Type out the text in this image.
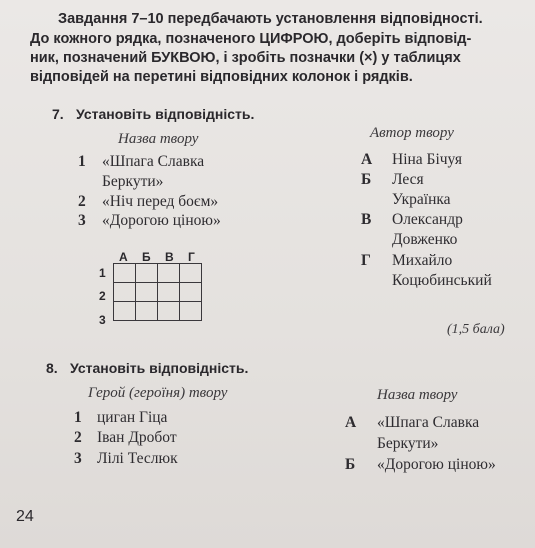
Завдання 7–10 передбачають установлення відповідності.
До кожного рядка, позначеного ЦИФРОЮ, доберіть відповід-
ник, позначений БУКВОЮ, і зробіть позначки (×) у таблицях
відповідей на перетині відповідних колонок і рядків.
7. Установіть відповідність.
Назва твору	Автор твору
1 «Шпага Славка
Беркути»
2 «Ніч перед боєм»
3 «Дорогою ціною»
А Ніна Бічуя
Б Леся
Українка
В Олександр
Довженко
Г Михайло
Коцюбинський
А Б В Г
1
2
3

(1,5 бала)
8. Установіть відповідність.
Герой (героїня) твору	Назва твору
1 циган Гіца
2 Іван Дробот
3 Лілі Теслюк
А «Шпага Славка
Беркути»
Б «Дорогою ціною»
24
